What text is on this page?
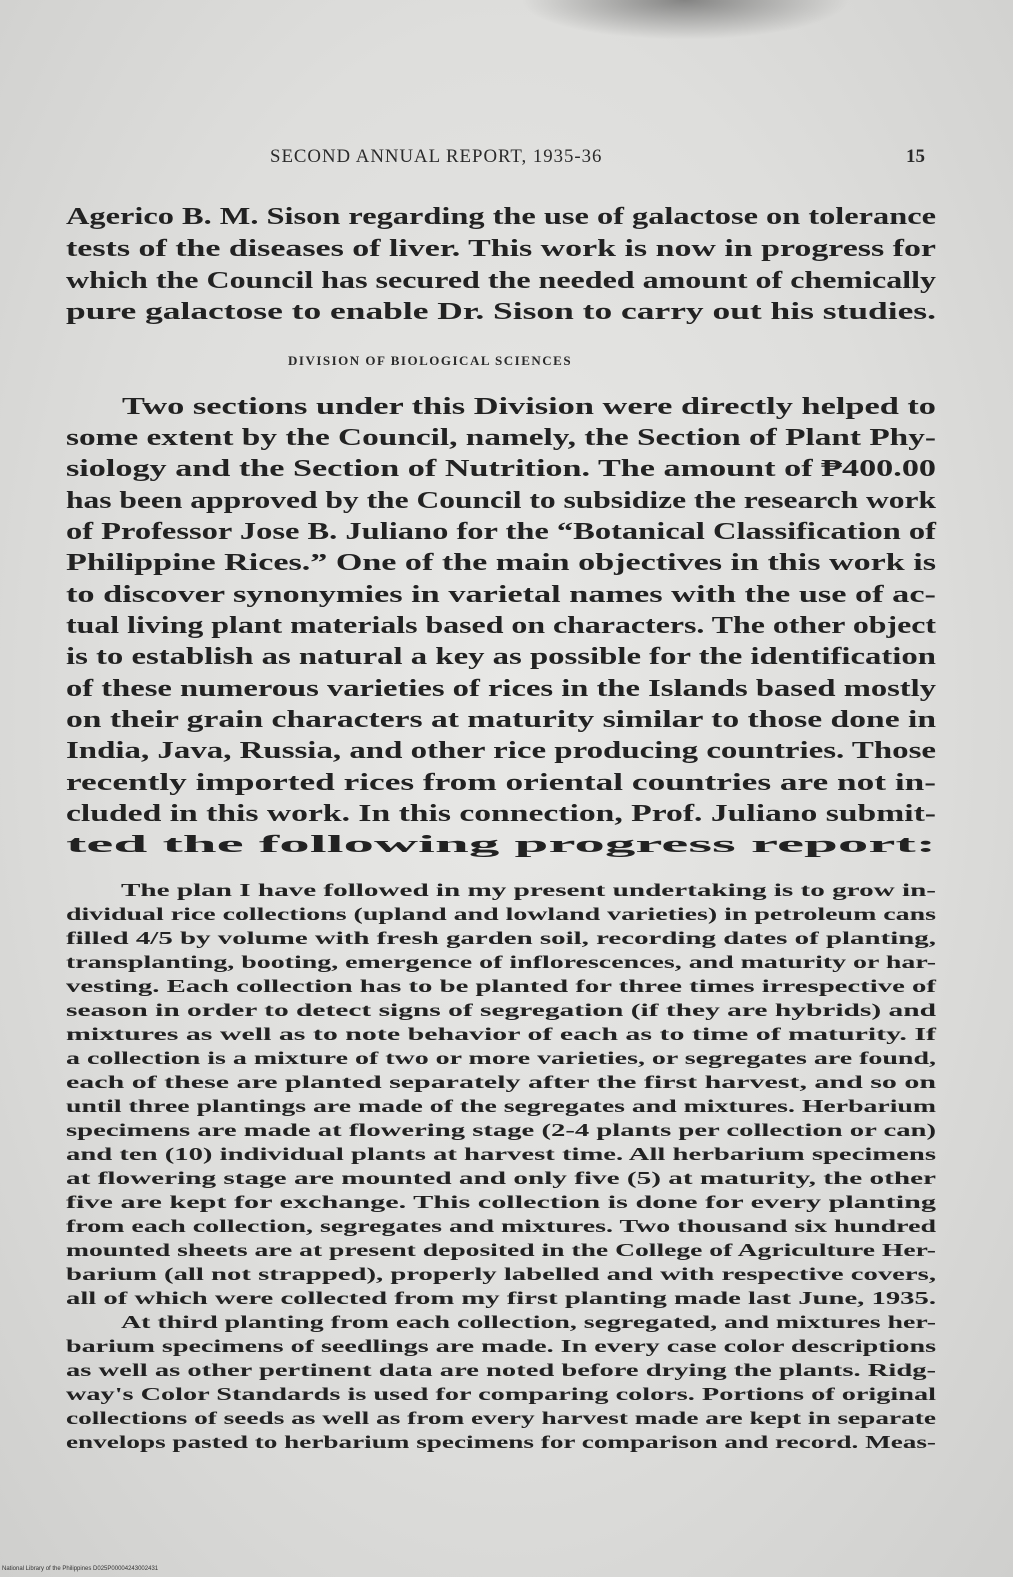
SECOND ANNUAL REPORT, 1935-36	15
Agerico B. M. Sison regarding the use of galactose on tolerance
tests of the diseases of liver. This work is now in progress for
which the Council has secured the needed amount of chemically
pure galactose to enable Dr. Sison to carry out his studies.
DIVISION OF BIOLOGICAL SCIENCES
Two sections under this Division were directly helped to
some extent by the Council, namely, the Section of Plant Phy-
siology and the Section of Nutrition. The amount of ₱400.00
has been approved by the Council to subsidize the research work
of Professor Jose B. Juliano for the “Botanical Classification of
Philippine Rices.” One of the main objectives in this work is
to discover synonymies in varietal names with the use of ac-
tual living plant materials based on characters. The other object
is to establish as natural a key as possible for the identification
of these numerous varieties of rices in the Islands based mostly
on their grain characters at maturity similar to those done in
India, Java, Russia, and other rice producing countries. Those
recently imported rices from oriental countries are not in-
cluded in this work. In this connection, Prof. Juliano submit-
ted the following progress report:
The plan I have followed in my present undertaking is to grow in-
dividual rice collections (upland and lowland varieties) in petroleum cans
filled 4/5 by volume with fresh garden soil, recording dates of planting,
transplanting, booting, emergence of inflorescences, and maturity or har-
vesting. Each collection has to be planted for three times irrespective of
season in order to detect signs of segregation (if they are hybrids) and
mixtures as well as to note behavior of each as to time of maturity. If
a collection is a mixture of two or more varieties, or segregates are found,
each of these are planted separately after the first harvest, and so on
until three plantings are made of the segregates and mixtures. Herbarium
specimens are made at flowering stage (2-4 plants per collection or can)
and ten (10) individual plants at harvest time. All herbarium specimens
at flowering stage are mounted and only five (5) at maturity, the other
five are kept for exchange. This collection is done for every planting
from each collection, segregates and mixtures. Two thousand six hundred
mounted sheets are at present deposited in the College of Agriculture Her-
barium (all not strapped), properly labelled and with respective covers,
all of which were collected from my first planting made last June, 1935.
At third planting from each collection, segregated, and mixtures her-
barium specimens of seedlings are made. In every case color descriptions
as well as other pertinent data are noted before drying the plants. Ridg-
way's Color Standards is used for comparing colors. Portions of original
collections of seeds as well as from every harvest made are kept in separate
envelops pasted to herbarium specimens for comparison and record. Meas-
National Library of the Philippines D025P00004243002431
